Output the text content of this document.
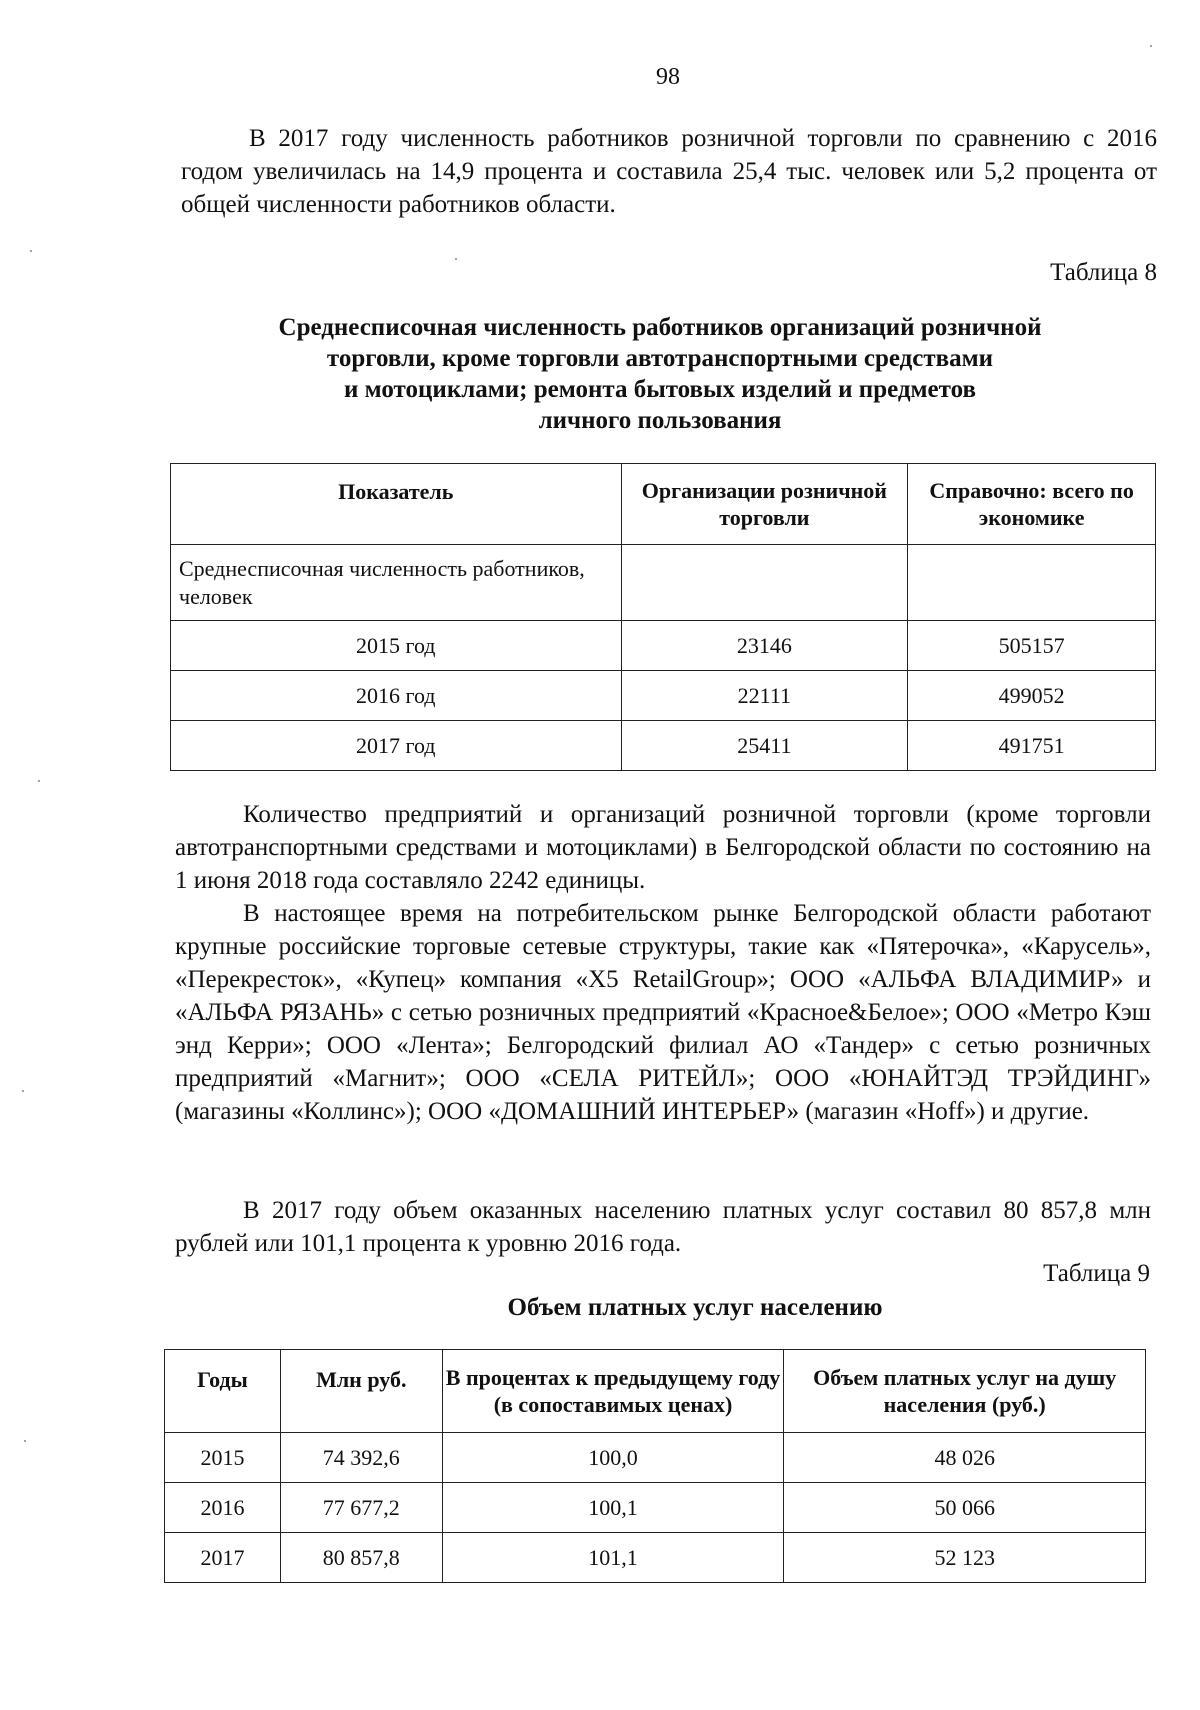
98
В 2017 году численность работников розничной торговли по сравнению с 2016 годом увеличилась на 14,9 процента и составила 25,4 тыс. человек или 5,2 процента от общей численности работников области.
Таблица 8
Среднесписочная численность работников организаций розничной
торговли, кроме торговли автотранспортными средствами
и мотоциклами; ремонта бытовых изделий и предметов
личного пользования
Показатель	Организации розничной торговли	Справочно: всего по экономике
Среднесписочная численность работников, человек		
2015 год	23146	505157
2016 год	22111	499052
2017 год	25411	491751
Количество предприятий и организаций розничной торговли (кроме торговли автотранспортными средствами и мотоциклами) в Белгородской области по состоянию на 1 июня 2018 года составляло 2242 единицы.
В настоящее время на потребительском рынке Белгородской области работают крупные российские торговые сетевые структуры, такие как «Пятерочка», «Карусель», «Перекресток», «Купец» компания «X5 RetailGroup»; ООО «АЛЬФА ВЛАДИМИР» и «АЛЬФА РЯЗАНЬ» с сетью розничных предприятий «Красное&Белое»; ООО «Метро Кэш энд Керри»; ООО «Лента»; Белгородский филиал АО «Тандер» с сетью розничных предприятий «Магнит»; ООО «СЕЛА РИТЕЙЛ»; ООО «ЮНАЙТЭД ТРЭЙДИНГ» (магазины «Коллинс»); ООО «ДОМАШНИЙ ИНТЕРЬЕР» (магазин «Hoff») и другие.
В 2017 году объем оказанных населению платных услуг составил 80 857,8 млн рублей или 101,1 процента к уровню 2016 года.
Таблица 9
Объем платных услуг населению
Годы	Млн руб.	В процентах к предыдущему году (в сопоставимых ценах)	Объем платных услуг на душу населения (руб.)
2015	74 392,6	100,0	48 026
2016	77 677,2	100,1	50 066
2017	80 857,8	101,1	52 123
